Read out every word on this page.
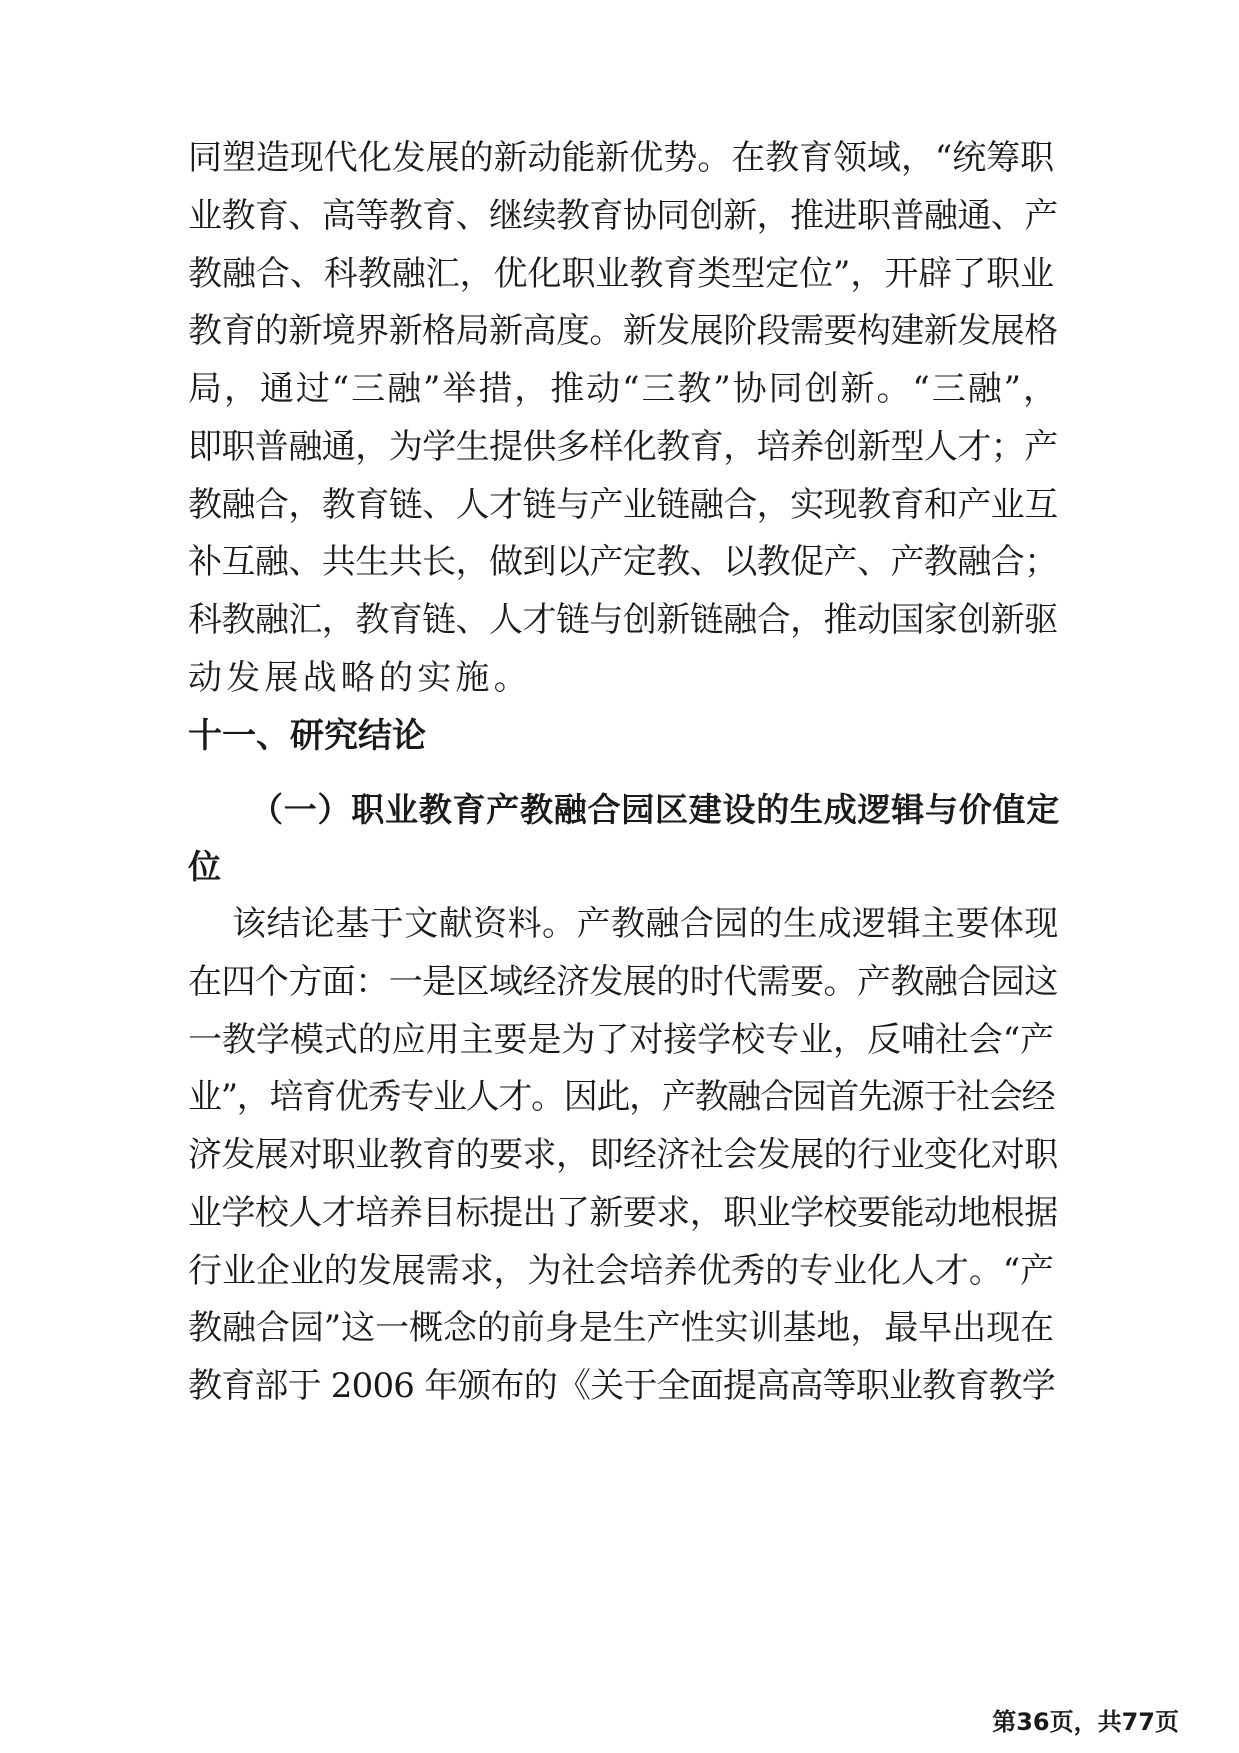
同塑造现代化发展的新动能新优势。在教育领域，“统筹职
业教育、高等教育、继续教育协同创新，推进职普融通、产
教融合、科教融汇，优化职业教育类型定位”，开辟了职业
教育的新境界新格局新高度。新发展阶段需要构建新发展格
局，通过“三融”举措，推动“三教”协同创新。“三融”，
即职普融通，为学生提供多样化教育，培养创新型人才；产
教融合，教育链、人才链与产业链融合，实现教育和产业互
补互融、共生共长，做到以产定教、以教促产、产教融合；
科教融汇，教育链、人才链与创新链融合，推动国家创新驱
动发展战略的实施。
十一、研究结论
（一）职业教育产教融合园区建设的生成逻辑与价值定
位
该结论基于文献资料。产教融合园的生成逻辑主要体现
在四个方面：一是区域经济发展的时代需要。产教融合园这
一教学模式的应用主要是为了对接学校专业，反哺社会“产
业”，培育优秀专业人才。因此，产教融合园首先源于社会经
济发展对职业教育的要求，即经济社会发展的行业变化对职
业学校人才培养目标提出了新要求，职业学校要能动地根据
行业企业的发展需求，为社会培养优秀的专业化人才。“产
教融合园”这一概念的前身是生产性实训基地，最早出现在
教育部于 2006 年颁布的《关于全面提高高等职业教育教学
第36页，共77页
